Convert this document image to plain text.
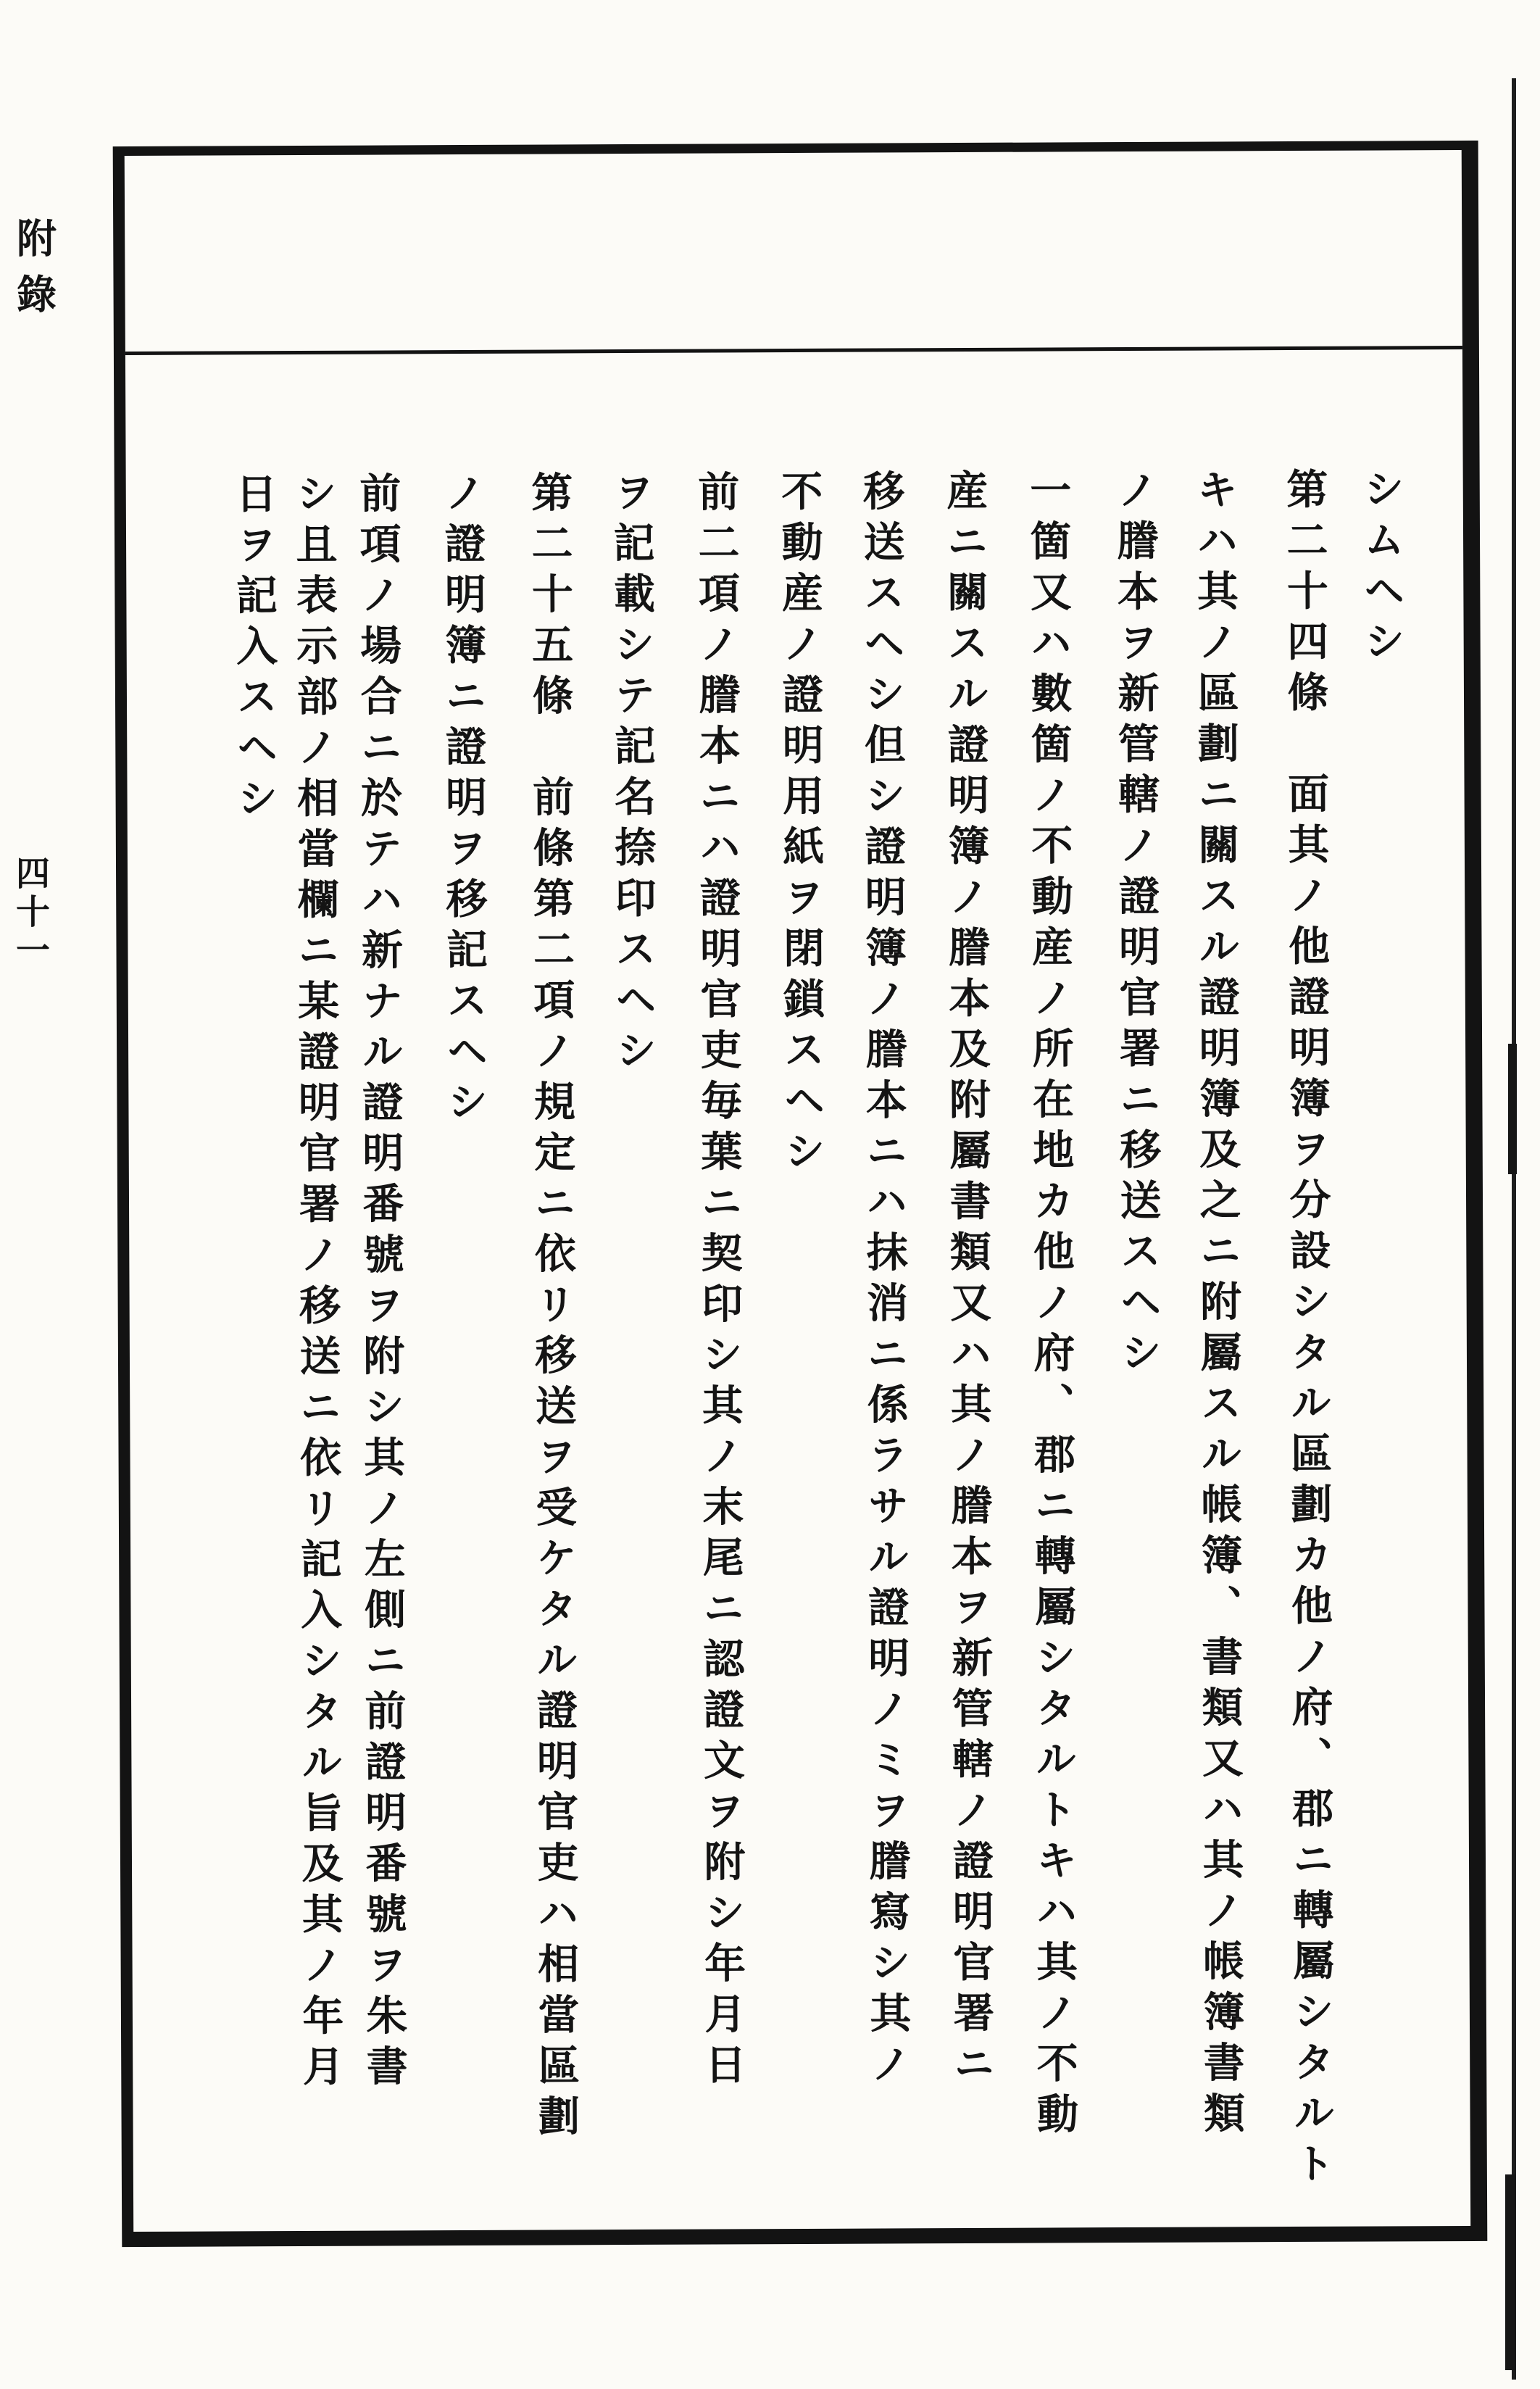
附錄
四十一
シムヘシ
第二十四條　面其ノ他證明簿ヲ分設シタル區劃カ他ノ府、郡ニ轉屬シタルト
キハ其ノ區劃ニ關スル證明簿及之ニ附屬スル帳簿、書類又ハ其ノ帳簿書類
ノ謄本ヲ新管轄ノ證明官署ニ移送スヘシ
一箇又ハ數箇ノ不動産ノ所在地カ他ノ府、郡ニ轉屬シタルトキハ其ノ不動
産ニ關スル證明簿ノ謄本及附屬書類又ハ其ノ謄本ヲ新管轄ノ證明官署ニ
移送スヘシ但シ證明簿ノ謄本ニハ抹消ニ係ラサル證明ノミヲ謄寫シ其ノ
不動産ノ證明用紙ヲ閉鎖スヘシ
前二項ノ謄本ニハ證明官吏毎葉ニ契印シ其ノ末尾ニ認證文ヲ附シ年月日
ヲ記載シテ記名捺印スヘシ
第二十五條　前條第二項ノ規定ニ依リ移送ヲ受ケタル證明官吏ハ相當區劃
ノ證明簿ニ證明ヲ移記スヘシ
前項ノ場合ニ於テハ新ナル證明番號ヲ附シ其ノ左側ニ前證明番號ヲ朱書
シ且表示部ノ相當欄ニ某證明官署ノ移送ニ依リ記入シタル旨及其ノ年月
日ヲ記入スヘシ
